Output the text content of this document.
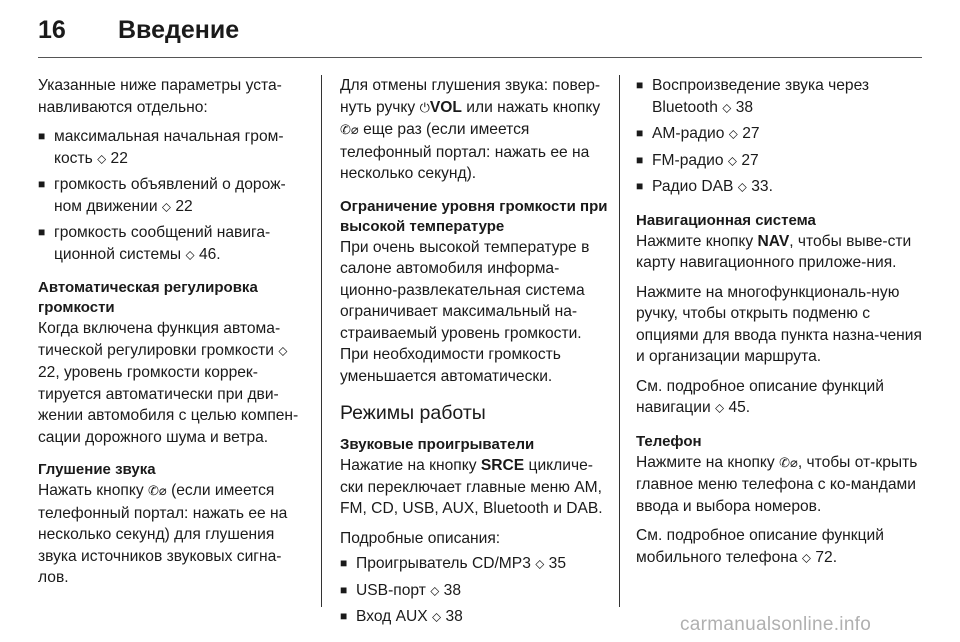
16 Введение

Указанные ниже параметры уста-навливаются отдельно:

■ максимальная начальная гром-кость ⬦ 22
■ громкость объявлений о дорож-ном движении ⬦ 22
■ громкость сообщений навига-ционной системы ⬦ 46.
Автоматическая регулировка громкости

Когда включена функция автома-тической регулировки громкости ⬦ 22, уровень громкости коррек-тируется автоматически при дви-жении автомобиля с целью компен-сации дорожного шума и ветра.

Глушение звука

Нажать кнопку ✆⌀ (если имеется телефонный портал: нажать ее на несколько секунд) для глушения звука источников звуковых сигна-лов.

Для отмены глушения звука: повер-нуть ручку ⏻VOL или нажать кнопку ✆⌀ еще раз (если имеется телефонный портал: нажать ее на несколько секунд).

Ограничение уровня громкости при высокой температуре

При очень высокой температуре в салоне автомобиля информа-ционно-развлекательная система ограничивает максимальный на-страиваемый уровень громкости. При необходимости громкость уменьшается автоматически.

Режимы работы
Звуковые проигрыватели

Нажатие на кнопку SRCE цикличе-ски переключает главные меню AM, FM, CD, USB, AUX, Bluetooth и DAB.

Подробные описания:

■ Проигрыватель CD/MP3 ⬦ 35
■ USB-порт ⬦ 38
■ Вход AUX ⬦ 38
■ Воспроизведение звука через Bluetooth ⬦ 38
■ АМ-радио ⬦ 27
■ FM-радио ⬦ 27
■ Радио DAB ⬦ 33.
Навигационная система

Нажмите кнопку NAV, чтобы выве-сти карту навигационного приложе-ния.

Нажмите на многофункциональ-ную ручку, чтобы открыть подменю с опциями для ввода пункта назна-чения и организации маршрута.

См. подробное описание функций навигации ⬦ 45.

Телефон

Нажмите на кнопку ✆⌀, чтобы от-крыть главное меню телефона с ко-мандами ввода и выбора номеров.

См. подробное описание функций мобильного телефона ⬦ 72.

carmanualsonline.info
